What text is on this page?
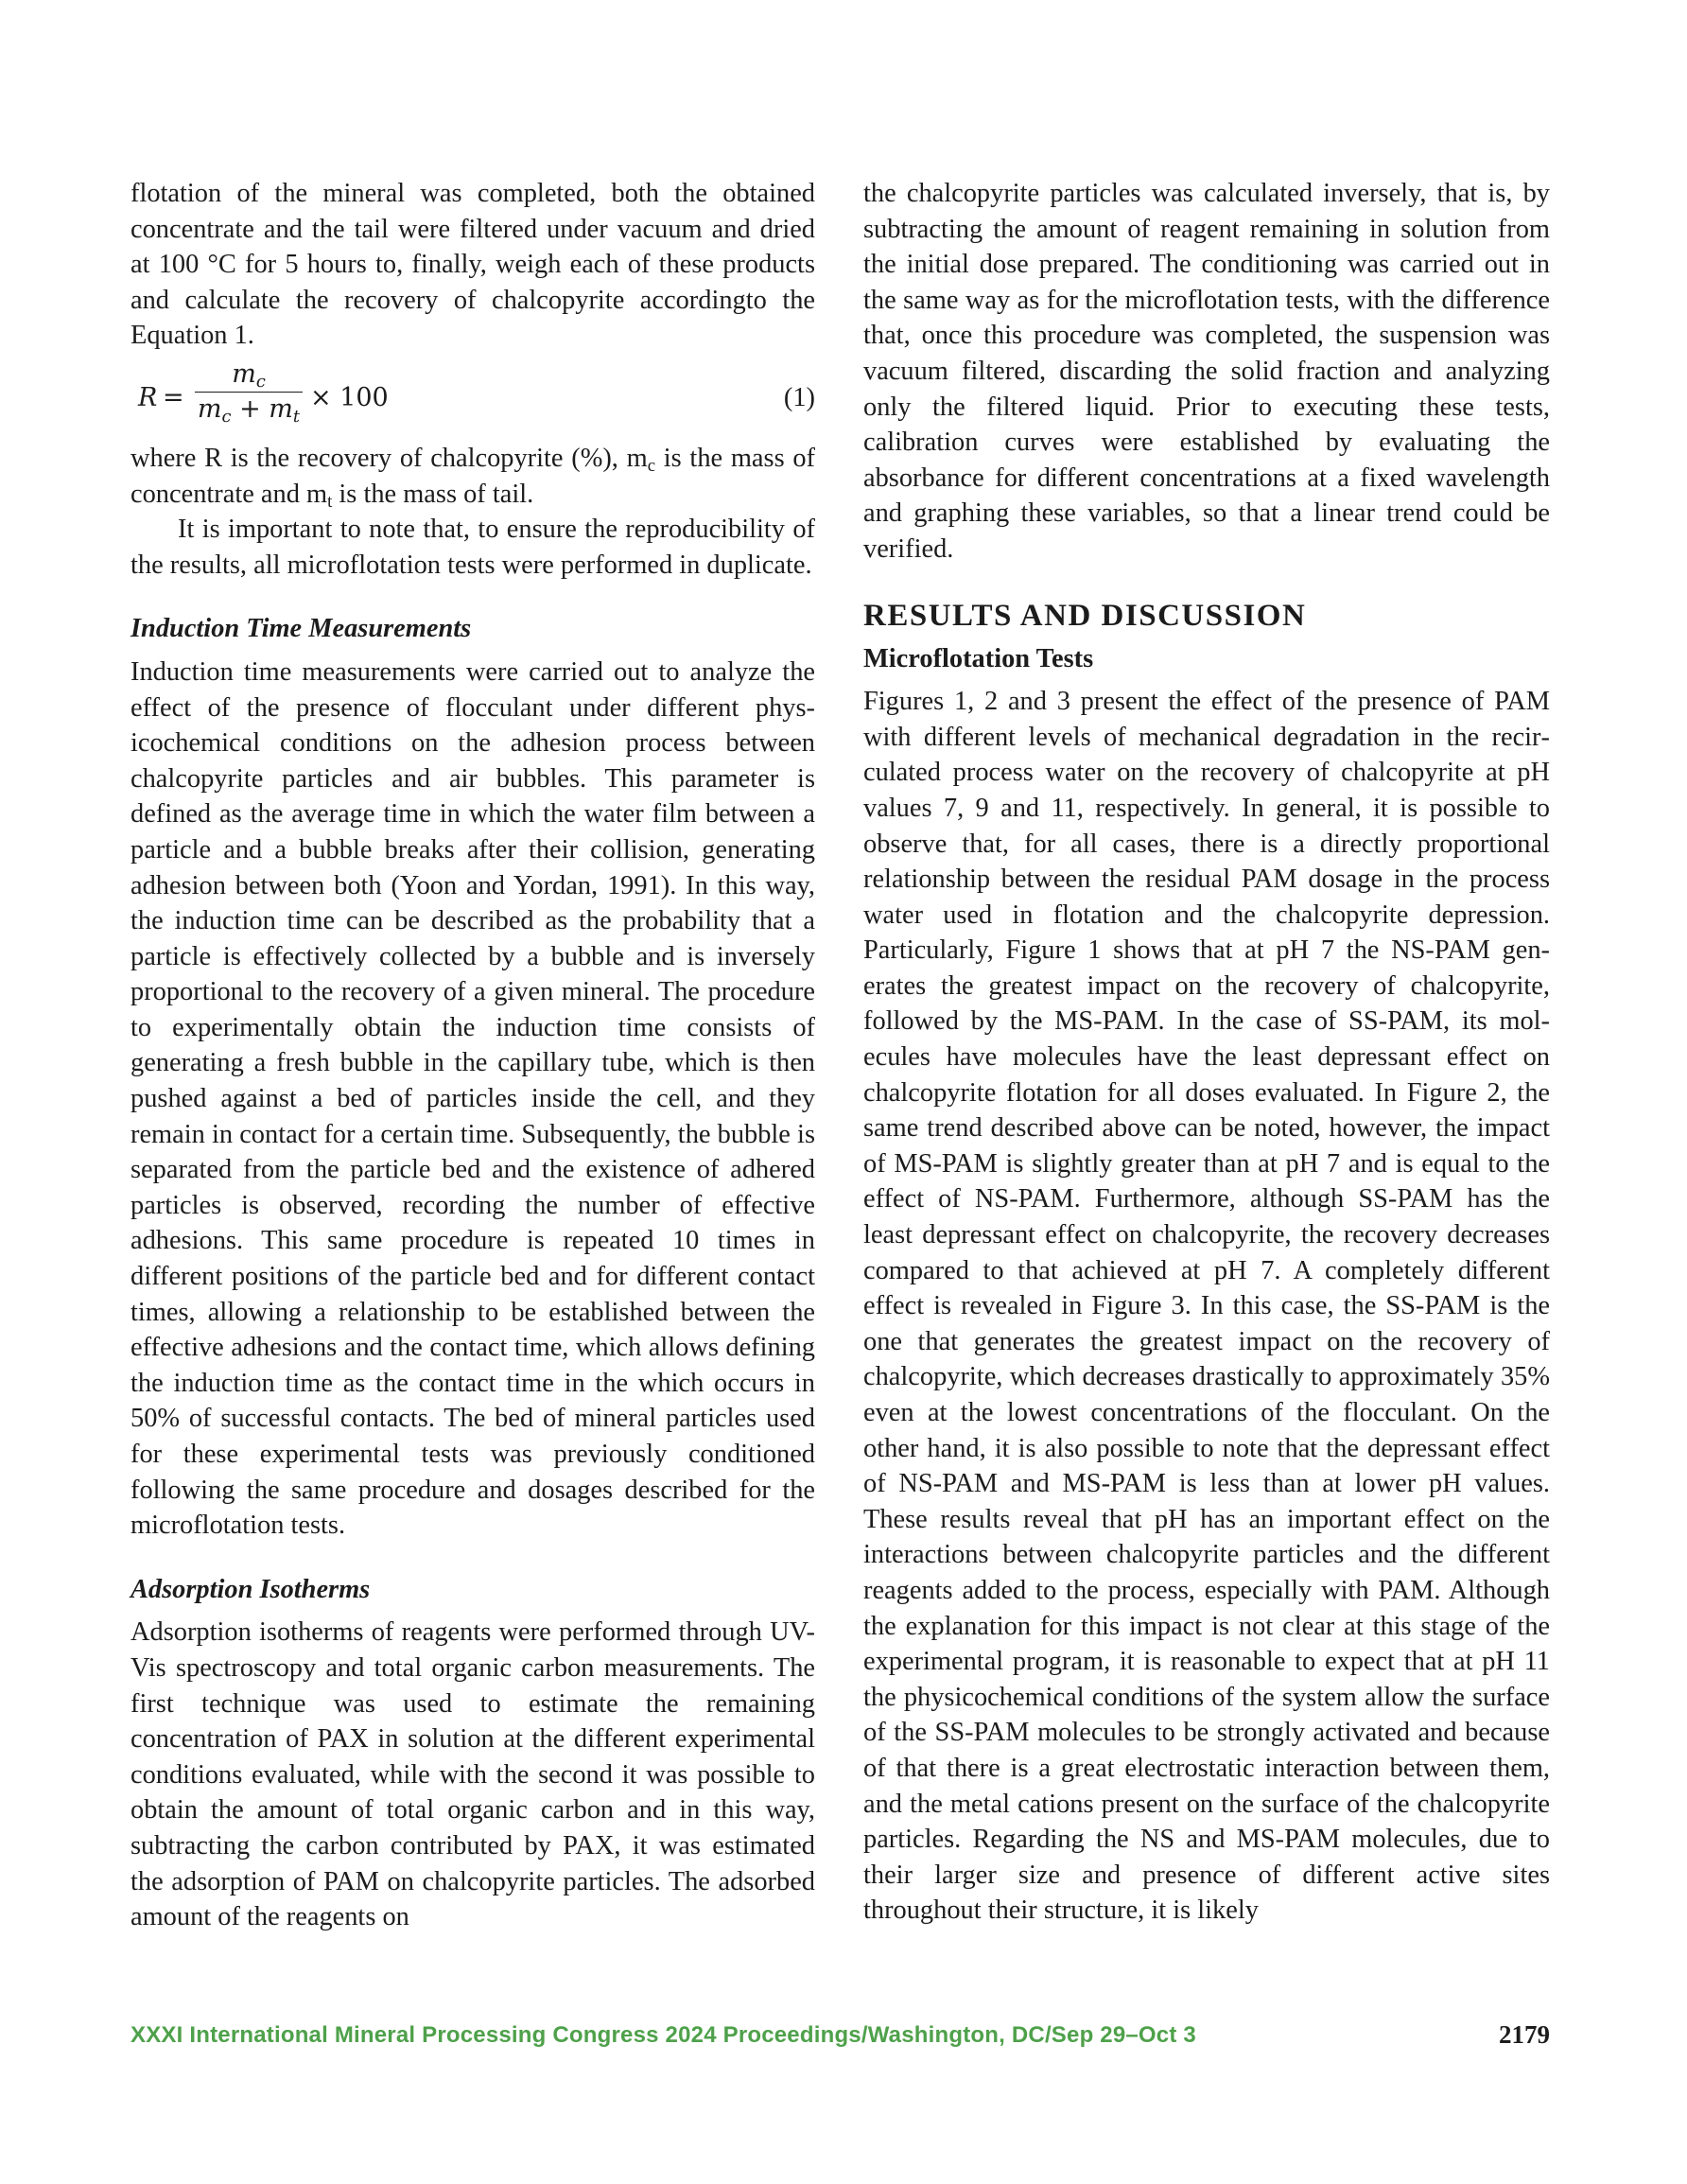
flotation of the mineral was completed, both the obtained concentrate and the tail were filtered under vacuum and dried at 100 °C for 5 hours to, finally, weigh each of these products and calculate the recovery of chalcopyrite accordingto the Equation 1.

R =
$m_c$
$m_c + m_t$
× 100	(1)

where R is the recovery of chalcopyrite (%), $m_c$ is the mass of concentrate and $m_t$ is the mass of tail.

It is important to note that, to ensure the reproducibility of the results, all microflotation tests were performed in duplicate.

Induction Time Measurements

Induction time measurements were carried out to analyze the effect of the presence of flocculant under different physicochemical conditions on the adhesion process between chalcopyrite particles and air bubbles. This parameter is defined as the average time in which the water film between a particle and a bubble breaks after their collision, generating adhesion between both (Yoon and Yordan, 1991). In this way, the induction time can be described as the probability that a particle is effectively collected by a bubble and is inversely proportional to the recovery of a given mineral. The procedure to experimentally obtain the induction time consists of generating a fresh bubble in the capillary tube, which is then pushed against a bed of particles inside the cell, and they remain in contact for a certain time. Subsequently, the bubble is separated from the particle bed and the existence of adhered particles is observed, recording the number of effective adhesions. This same procedure is repeated 10 times in different positions of the particle bed and for different contact times, allowing a relationship to be established between the effective adhesions and the contact time, which allows defining the induction time as the contact time in the which occurs in 50% of successful contacts. The bed of mineral particles used for these experimental tests was previously conditioned following the same procedure and dosages described for the microflotation tests.

Adsorption Isotherms

Adsorption isotherms of reagents were performed through UV-Vis spectroscopy and total organic carbon measurements. The first technique was used to estimate the remaining concentration of PAX in solution at the different experimental conditions evaluated, while with the second it was possible to obtain the amount of total organic carbon and in this way, subtracting the carbon contributed by PAX, it was estimated the adsorption of PAM on chalcopyrite particles. The adsorbed amount of the reagents on

the chalcopyrite particles was calculated inversely, that is, by subtracting the amount of reagent remaining in solution from the initial dose prepared. The conditioning was carried out in the same way as for the microflotation tests, with the difference that, once this procedure was completed, the suspension was vacuum filtered, discarding the solid fraction and analyzing only the filtered liquid. Prior to executing these tests, calibration curves were established by evaluating the absorbance for different concentrations at a fixed wavelength and graphing these variables, so that a linear trend could be verified.

RESULTS AND DISCUSSION
Microflotation Tests

Figures 1, 2 and 3 present the effect of the presence of PAM with different levels of mechanical degradation in the recirculated process water on the recovery of chalcopyrite at pH values 7, 9 and 11, respectively. In general, it is possible to observe that, for all cases, there is a directly proportional relationship between the residual PAM dosage in the process water used in flotation and the chalcopyrite depression. Particularly, Figure 1 shows that at pH 7 the NS-PAM generates the greatest impact on the recovery of chalcopyrite, followed by the MS-PAM. In the case of SS-PAM, its molecules have molecules have the least depressant effect on chalcopyrite flotation for all doses evaluated. In Figure 2, the same trend described above can be noted, however, the impact of MS-PAM is slightly greater than at pH 7 and is equal to the effect of NS-PAM. Furthermore, although SS-PAM has the least depressant effect on chalcopyrite, the recovery decreases compared to that achieved at pH 7. A completely different effect is revealed in Figure 3. In this case, the SS-PAM is the one that generates the greatest impact on the recovery of chalcopyrite, which decreases drastically to approximately 35% even at the lowest concentrations of the flocculant. On the other hand, it is also possible to note that the depressant effect of NS-PAM and MS-PAM is less than at lower pH values. These results reveal that pH has an important effect on the interactions between chalcopyrite particles and the different reagents added to the process, especially with PAM. Although the explanation for this impact is not clear at this stage of the experimental program, it is reasonable to expect that at pH 11 the physicochemical conditions of the system allow the surface of the SS-PAM molecules to be strongly activated and because of that there is a great electrostatic interaction between them, and the metal cations present on the surface of the chalcopyrite particles. Regarding the NS and MS-PAM molecules, due to their larger size and presence of different active sites throughout their structure, it is likely

XXXI International Mineral Processing Congress 2024 Proceedings/Washington, DC/Sep 29–Oct 3	2179
